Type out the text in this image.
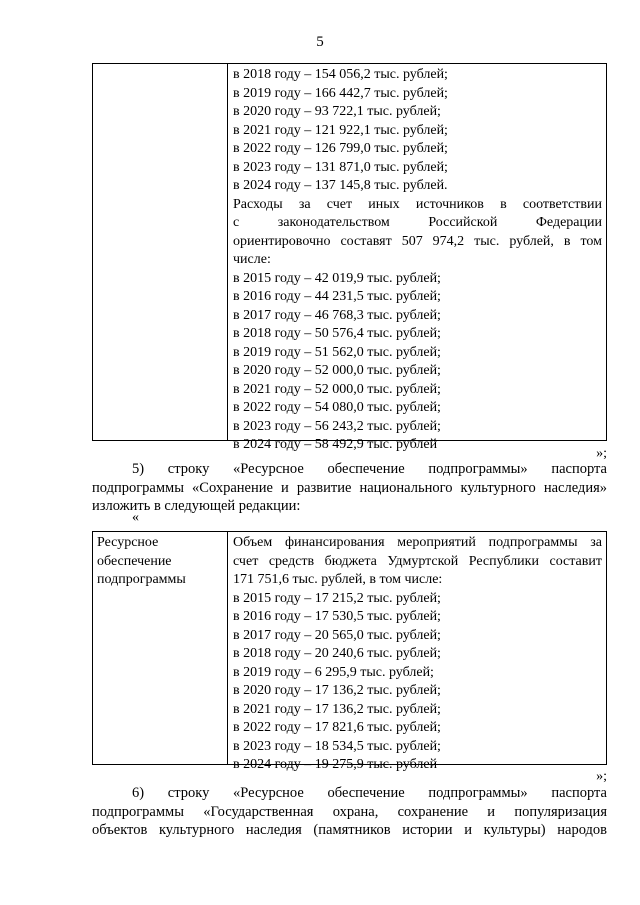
5
в 2018 году – 154 056,2 тыс. рублей;
в 2019 году – 166 442,7 тыс. рублей;
в 2020 году – 93 722,1 тыс. рублей;
в 2021 году – 121 922,1 тыс. рублей;
в 2022 году – 126 799,0 тыс. рублей;
в 2023 году – 131 871,0 тыс. рублей;
в 2024 году – 137 145,8 тыс. рублей.
Расходы за счет иных источников в соответствии
с законодательством Российской Федерации
ориентировочно составят 507 974,2 тыс. рублей, в том
числе:
в 2015 году – 42 019,9 тыс. рублей;
в 2016 году – 44 231,5 тыс. рублей;
в 2017 году – 46 768,3 тыс. рублей;
в 2018 году – 50 576,4 тыс. рублей;
в 2019 году – 51 562,0 тыс. рублей;
в 2020 году – 52 000,0 тыс. рублей;
в 2021 году – 52 000,0 тыс. рублей;
в 2022 году – 54 080,0 тыс. рублей;
в 2023 году – 56 243,2 тыс. рублей;
в 2024 году – 58 492,9 тыс. рублей
»;
5) строку «Ресурсное обеспечение подпрограммы» паспорта
подпрограммы «Сохранение и развитие национального культурного наследия»
изложить в следующей редакции:
«
Ресурсное
обеспечение
подпрограммы
Объем финансирования мероприятий подпрограммы за
счет средств бюджета Удмуртской Республики составит
171 751,6 тыс. рублей, в том числе:
в 2015 году – 17 215,2 тыс. рублей;
в 2016 году – 17 530,5 тыс. рублей;
в 2017 году – 20 565,0 тыс. рублей;
в 2018 году – 20 240,6 тыс. рублей;
в 2019 году – 6 295,9 тыс. рублей;
в 2020 году – 17 136,2 тыс. рублей;
в 2021 году – 17 136,2 тыс. рублей;
в 2022 году – 17 821,6 тыс. рублей;
в 2023 году – 18 534,5 тыс. рублей;
в 2024 году – 19 275,9 тыс. рублей
»;
6) строку «Ресурсное обеспечение подпрограммы» паспорта
подпрограммы «Государственная охрана, сохранение и популяризация
объектов культурного наследия (памятников истории и культуры) народов
